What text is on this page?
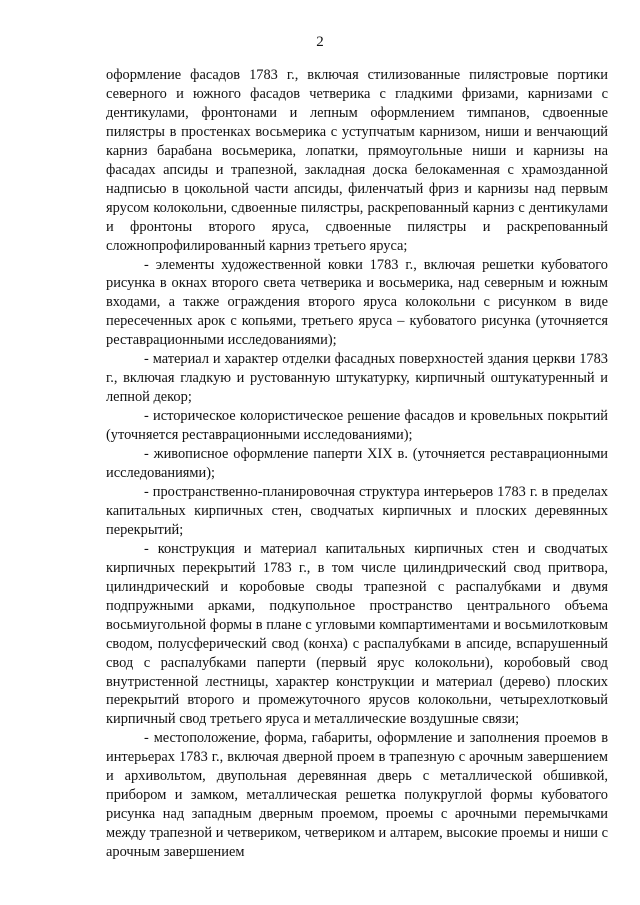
2

оформление фасадов 1783 г., включая стилизованные пилястровые портики северного и южного фасадов четверика с гладкими фризами, карнизами с дентикулами, фронтонами и лепным оформлением тимпанов, сдвоенные пилястры в простенках восьмерика с уступчатым карнизом, ниши и венчающий карниз барабана восьмерика, лопатки, прямоугольные ниши и карнизы на фасадах апсиды и трапезной, закладная доска белокаменная с храмозданной надписью в цокольной части апсиды, филенчатый фриз и карнизы над первым ярусом колокольни, сдвоенные пилястры, раскрепованный карниз с дентикулами и фронтоны второго яруса, сдвоенные пилястры и раскрепованный сложнопрофилированный карниз третьего яруса;

- элементы художественной ковки 1783 г., включая решетки кубоватого рисунка в окнах второго света четверика и восьмерика, над северным и южным входами, а также ограждения второго яруса колокольни с рисунком в виде пересеченных арок с копьями, третьего яруса – кубоватого рисунка (уточняется реставрационными исследованиями);

- материал и характер отделки фасадных поверхностей здания церкви 1783 г., включая гладкую и рустованную штукатурку, кирпичный оштукатуренный и лепной декор;

- историческое колористическое решение фасадов и кровельных покрытий (уточняется реставрационными исследованиями);

- живописное оформление паперти XIX в. (уточняется реставрационными исследованиями);

- пространственно-планировочная структура интерьеров 1783 г. в пределах капитальных кирпичных стен, сводчатых кирпичных и плоских деревянных перекрытий;

- конструкция и материал капитальных кирпичных стен и сводчатых кирпичных перекрытий 1783 г., в том числе цилиндрический свод притвора, цилиндрический и коробовые своды трапезной с распалубками и двумя подпружными арками, подкупольное пространство центрального объема восьмиугольной формы в плане с угловыми компартиментами и восьмилотковым сводом, полусферический свод (конха) с распалубками в апсиде, вспарушенный свод с распалубками паперти (первый ярус колокольни), коробовый свод внутристенной лестницы, характер конструкции и материал (дерево) плоских перекрытий второго и промежуточного ярусов колокольни, четырехлотковый кирпичный свод третьего яруса и металлические воздушные связи;

- местоположение, форма, габариты, оформление и заполнения проемов в интерьерах 1783 г., включая дверной проем в трапезную с арочным завершением и архивольтом, двупольная деревянная дверь с металлической обшивкой, прибором и замком, металлическая решетка полукруглой формы кубоватого рисунка над западным дверным проемом, проемы с арочными перемычками между трапезной и четвериком, четвериком и алтарем, высокие проемы и ниши с арочным завершением
